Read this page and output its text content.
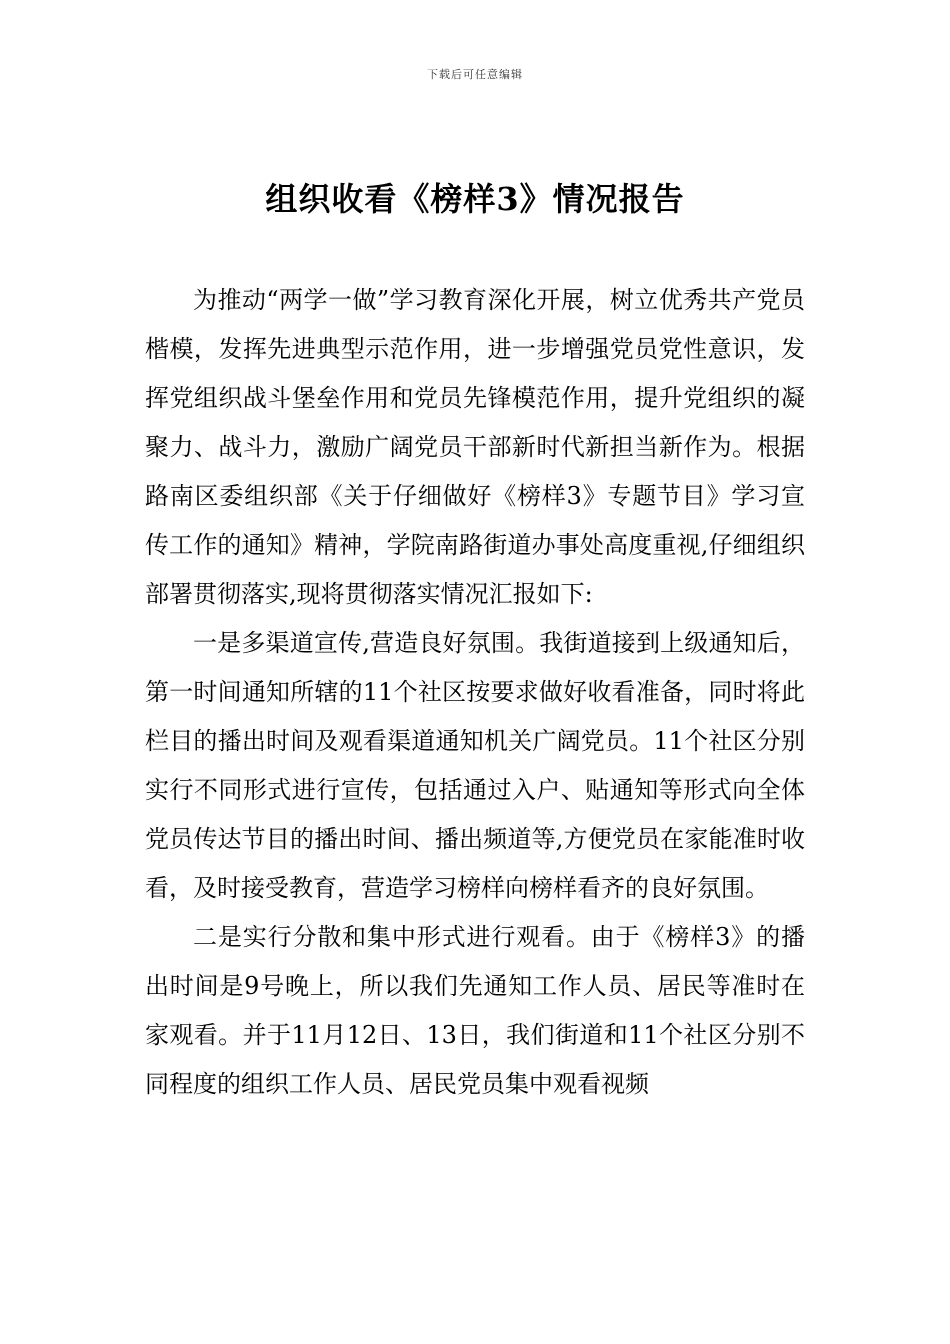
下载后可任意编辑
组织收看《榜样3》情况报告

为推动“两学一做”学习教育深化开展，树立优秀共产党员楷模，发挥先进典型示范作用，进一步增强党员党性意识，发挥党组织战斗堡垒作用和党员先锋模范作用，提升党组织的凝聚力、战斗力，激励广阔党员干部新时代新担当新作为。根据路南区委组织部《关于仔细做好《榜样3》专题节目》学习宣传工作的通知》精神，学院南路街道办事处高度重视,仔细组织部署贯彻落实,现将贯彻落实情况汇报如下:

一是多渠道宣传,营造良好氛围。我街道接到上级通知后，第一时间通知所辖的11个社区按要求做好收看准备，同时将此栏目的播出时间及观看渠道通知机关广阔党员。11个社区分别实行不同形式进行宣传，包括通过入户、贴通知等形式向全体党员传达节目的播出时间、播出频道等,方便党员在家能准时收看，及时接受教育，营造学习榜样向榜样看齐的良好氛围。

二是实行分散和集中形式进行观看。由于《榜样3》的播出时间是9号晚上，所以我们先通知工作人员、居民等准时在家观看。并于11月12日、13日，我们街道和11个社区分别不同程度的组织工作人员、居民党员集中观看视频
